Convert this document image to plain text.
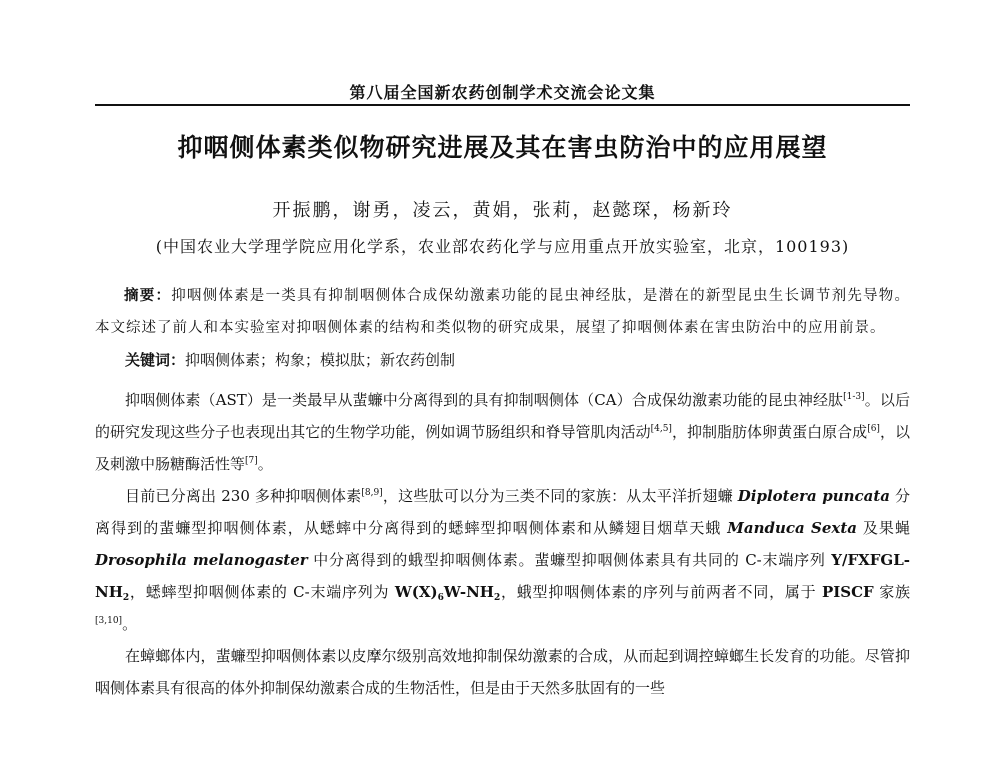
第八届全国新农药创制学术交流会论文集
抑咽侧体素类似物研究进展及其在害虫防治中的应用展望
开振鹏，谢勇，凌云，黄娟，张莉，赵懿琛，杨新玲
(中国农业大学理学院应用化学系，农业部农药化学与应用重点开放实验室，北京，100193)

摘要：抑咽侧体素是一类具有抑制咽侧体合成保幼激素功能的昆虫神经肽，是潜在的新型昆虫生长调节剂先导物。本文综述了前人和本实验室对抑咽侧体素的结构和类似物的研究成果，展望了抑咽侧体素在害虫防治中的应用前景。

关键词：抑咽侧体素；构象；模拟肽；新农药创制

抑咽侧体素（AST）是一类最早从蜚蠊中分离得到的具有抑制咽侧体（CA）合成保幼激素功能的昆虫神经肽[1-3]。以后的研究发现这些分子也表现出其它的生物学功能，例如调节肠组织和脊导管肌肉活动[4,5]，抑制脂肪体卵黄蛋白原合成[6]，以及刺激中肠糖酶活性等[7]。

目前已分离出 230 多种抑咽侧体素[8,9]，这些肽可以分为三类不同的家族：从太平洋折翅蠊 Diplotera puncata 分离得到的蜚蠊型抑咽侧体素，从蟋蟀中分离得到的蟋蟀型抑咽侧体素和从鳞翅目烟草天蛾 Manduca Sexta 及果蝇 Drosophila melanogaster 中分离得到的蛾型抑咽侧体素。蜚蠊型抑咽侧体素具有共同的 C-末端序列 $Y/FXFGL-NH_2$，蟋蟀型抑咽侧体素的 C-末端序列为 $W(X)_6W-NH_2$，蛾型抑咽侧体素的序列与前两者不同，属于 PISCF 家族[3,10]。

在蟑螂体内，蜚蠊型抑咽侧体素以皮摩尔级别高效地抑制保幼激素的合成，从而起到调控蟑螂生长发育的功能。尽管抑咽侧体素具有很高的体外抑制保幼激素合成的生物活性，但是由于天然多肽固有的一些
